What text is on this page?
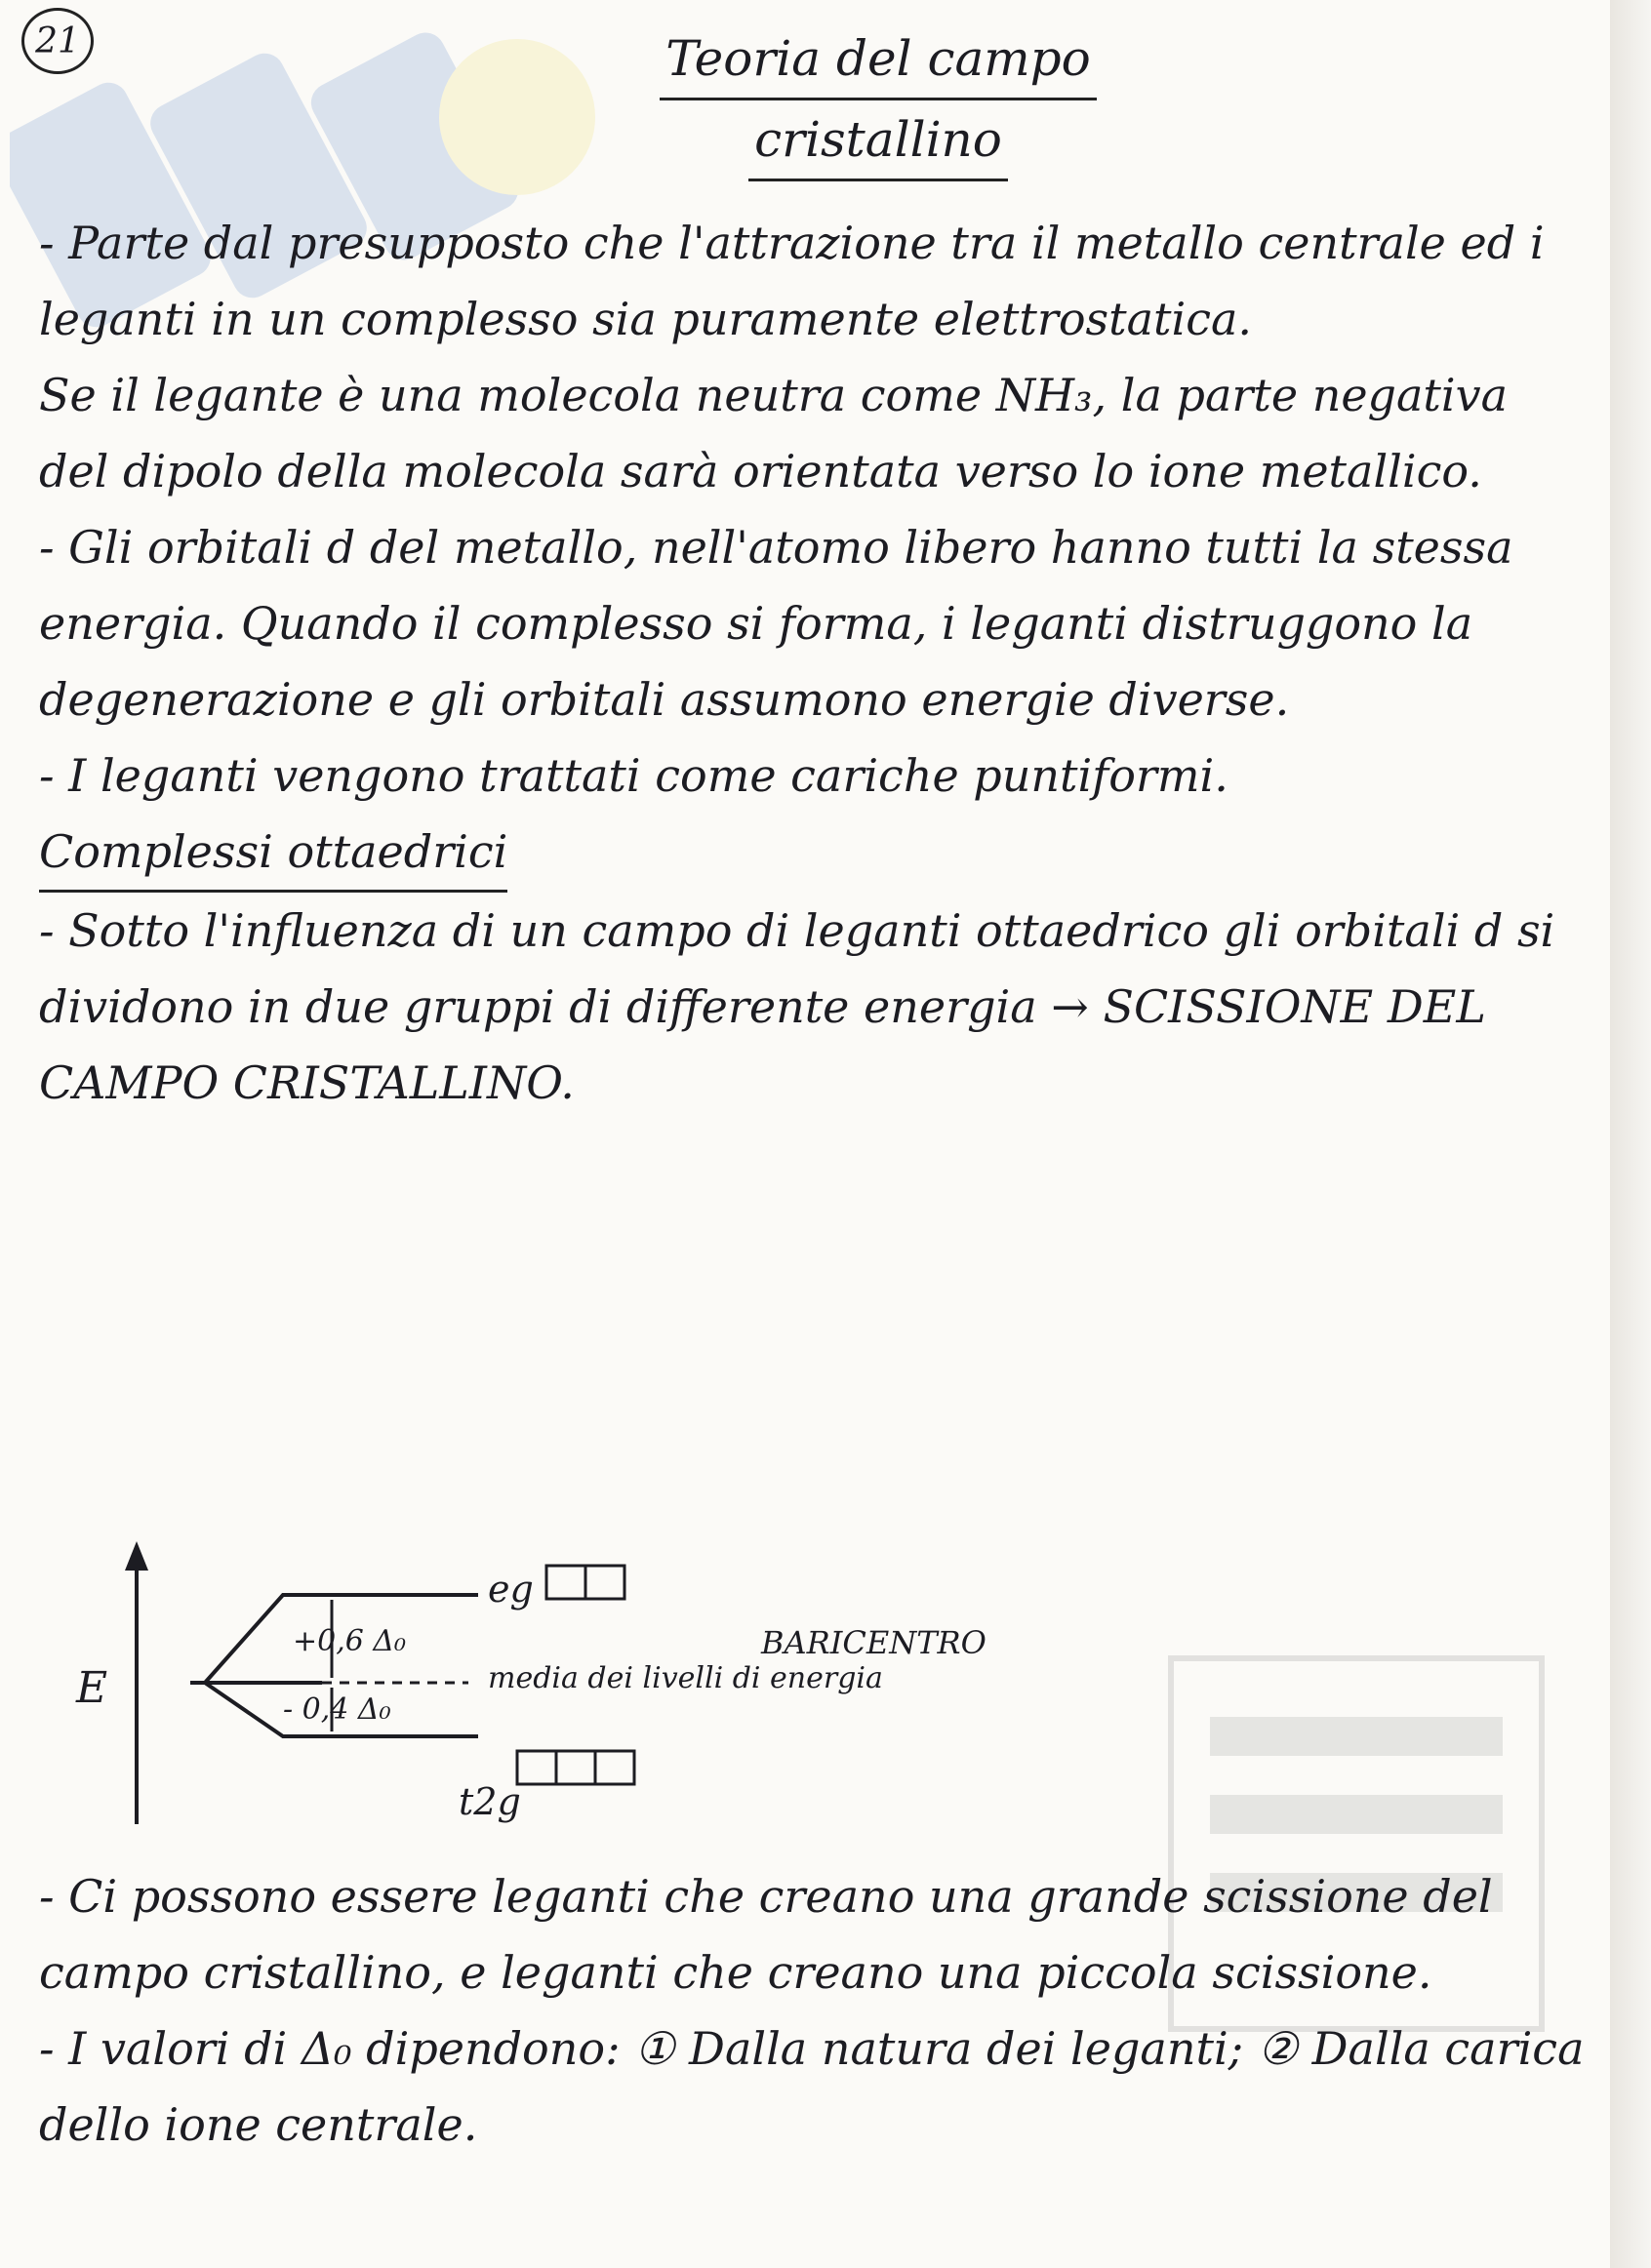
21	Teoria del campo
cristallino

- Parte dal presupposto che l'attrazione tra il metallo centrale ed i leganti in un complesso sia puramente elettrostatica.

Se il legante è una molecola neutra come NH₃, la parte negativa del dipolo della molecola sarà orientata verso lo ione metallico.

- Gli orbitali d del metallo, nell'atomo libero hanno tutti la stessa energia. Quando il complesso si forma, i leganti distruggono la degenerazione e gli orbitali assumono energie diverse.

- I leganti vengono trattati come cariche puntiformi.

Complessi ottaedrici

- Sotto l'influenza di un campo di leganti ottaedrico gli orbitali d si dividono in due gruppi di differente energia → SCISSIONE DEL CAMPO CRISTALLINO.

E
+0,6 Δ₀
- 0,4 Δ₀
eg
t2g
media dei livelli di energia
BARICENTRO

- Ci possono essere leganti che creano una grande scissione del campo cristallino, e leganti che creano una piccola scissione.

- I valori di Δ₀ dipendono: ① Dalla natura dei leganti; ② Dalla carica dello ione centrale.
